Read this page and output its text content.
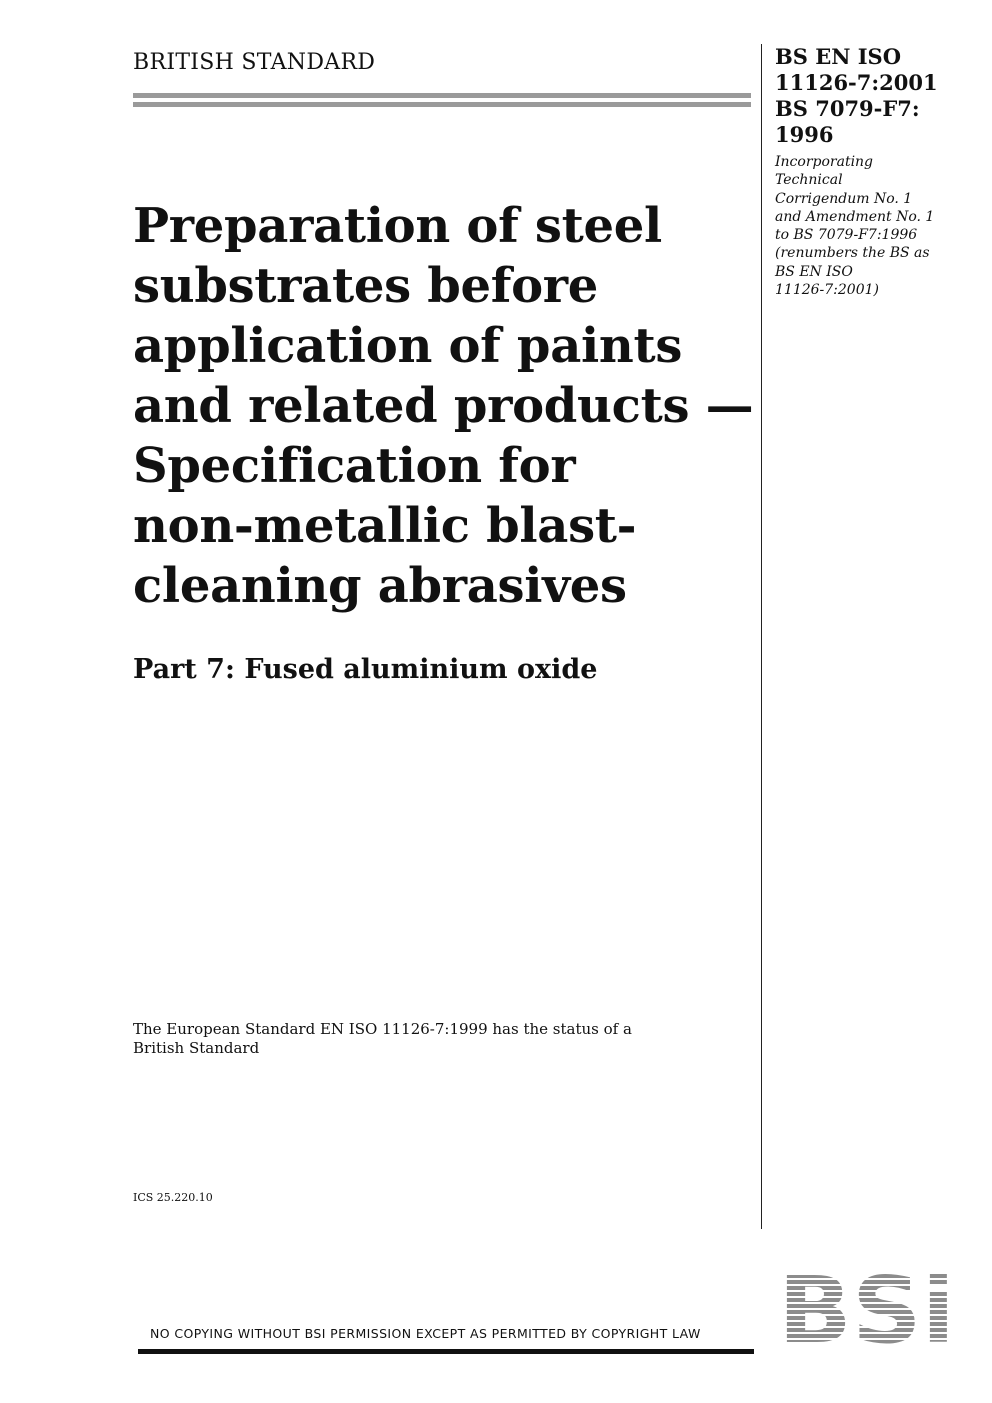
BRITISH STANDARD	BS EN ISO
11126-7:2001
BS 7079-F7:
1996
Incorporating
Technical
Corrigendum No. 1
and Amendment No. 1
to BS 7079-F7:1996
(renumbers the BS as
BS EN ISO
11126-7:2001)
Preparation of steel
substrates before
application of paints
and related products —
Specification for
non-metallic blast-
cleaning abrasives
Part 7: Fused aluminium oxide
The European Standard EN ISO 11126-7:1999 has the status of a
British Standard
ICS 25.220.10
NO COPYING WITHOUT BSI PERMISSION EXCEPT AS PERMITTED BY COPYRIGHT LAW BSi
